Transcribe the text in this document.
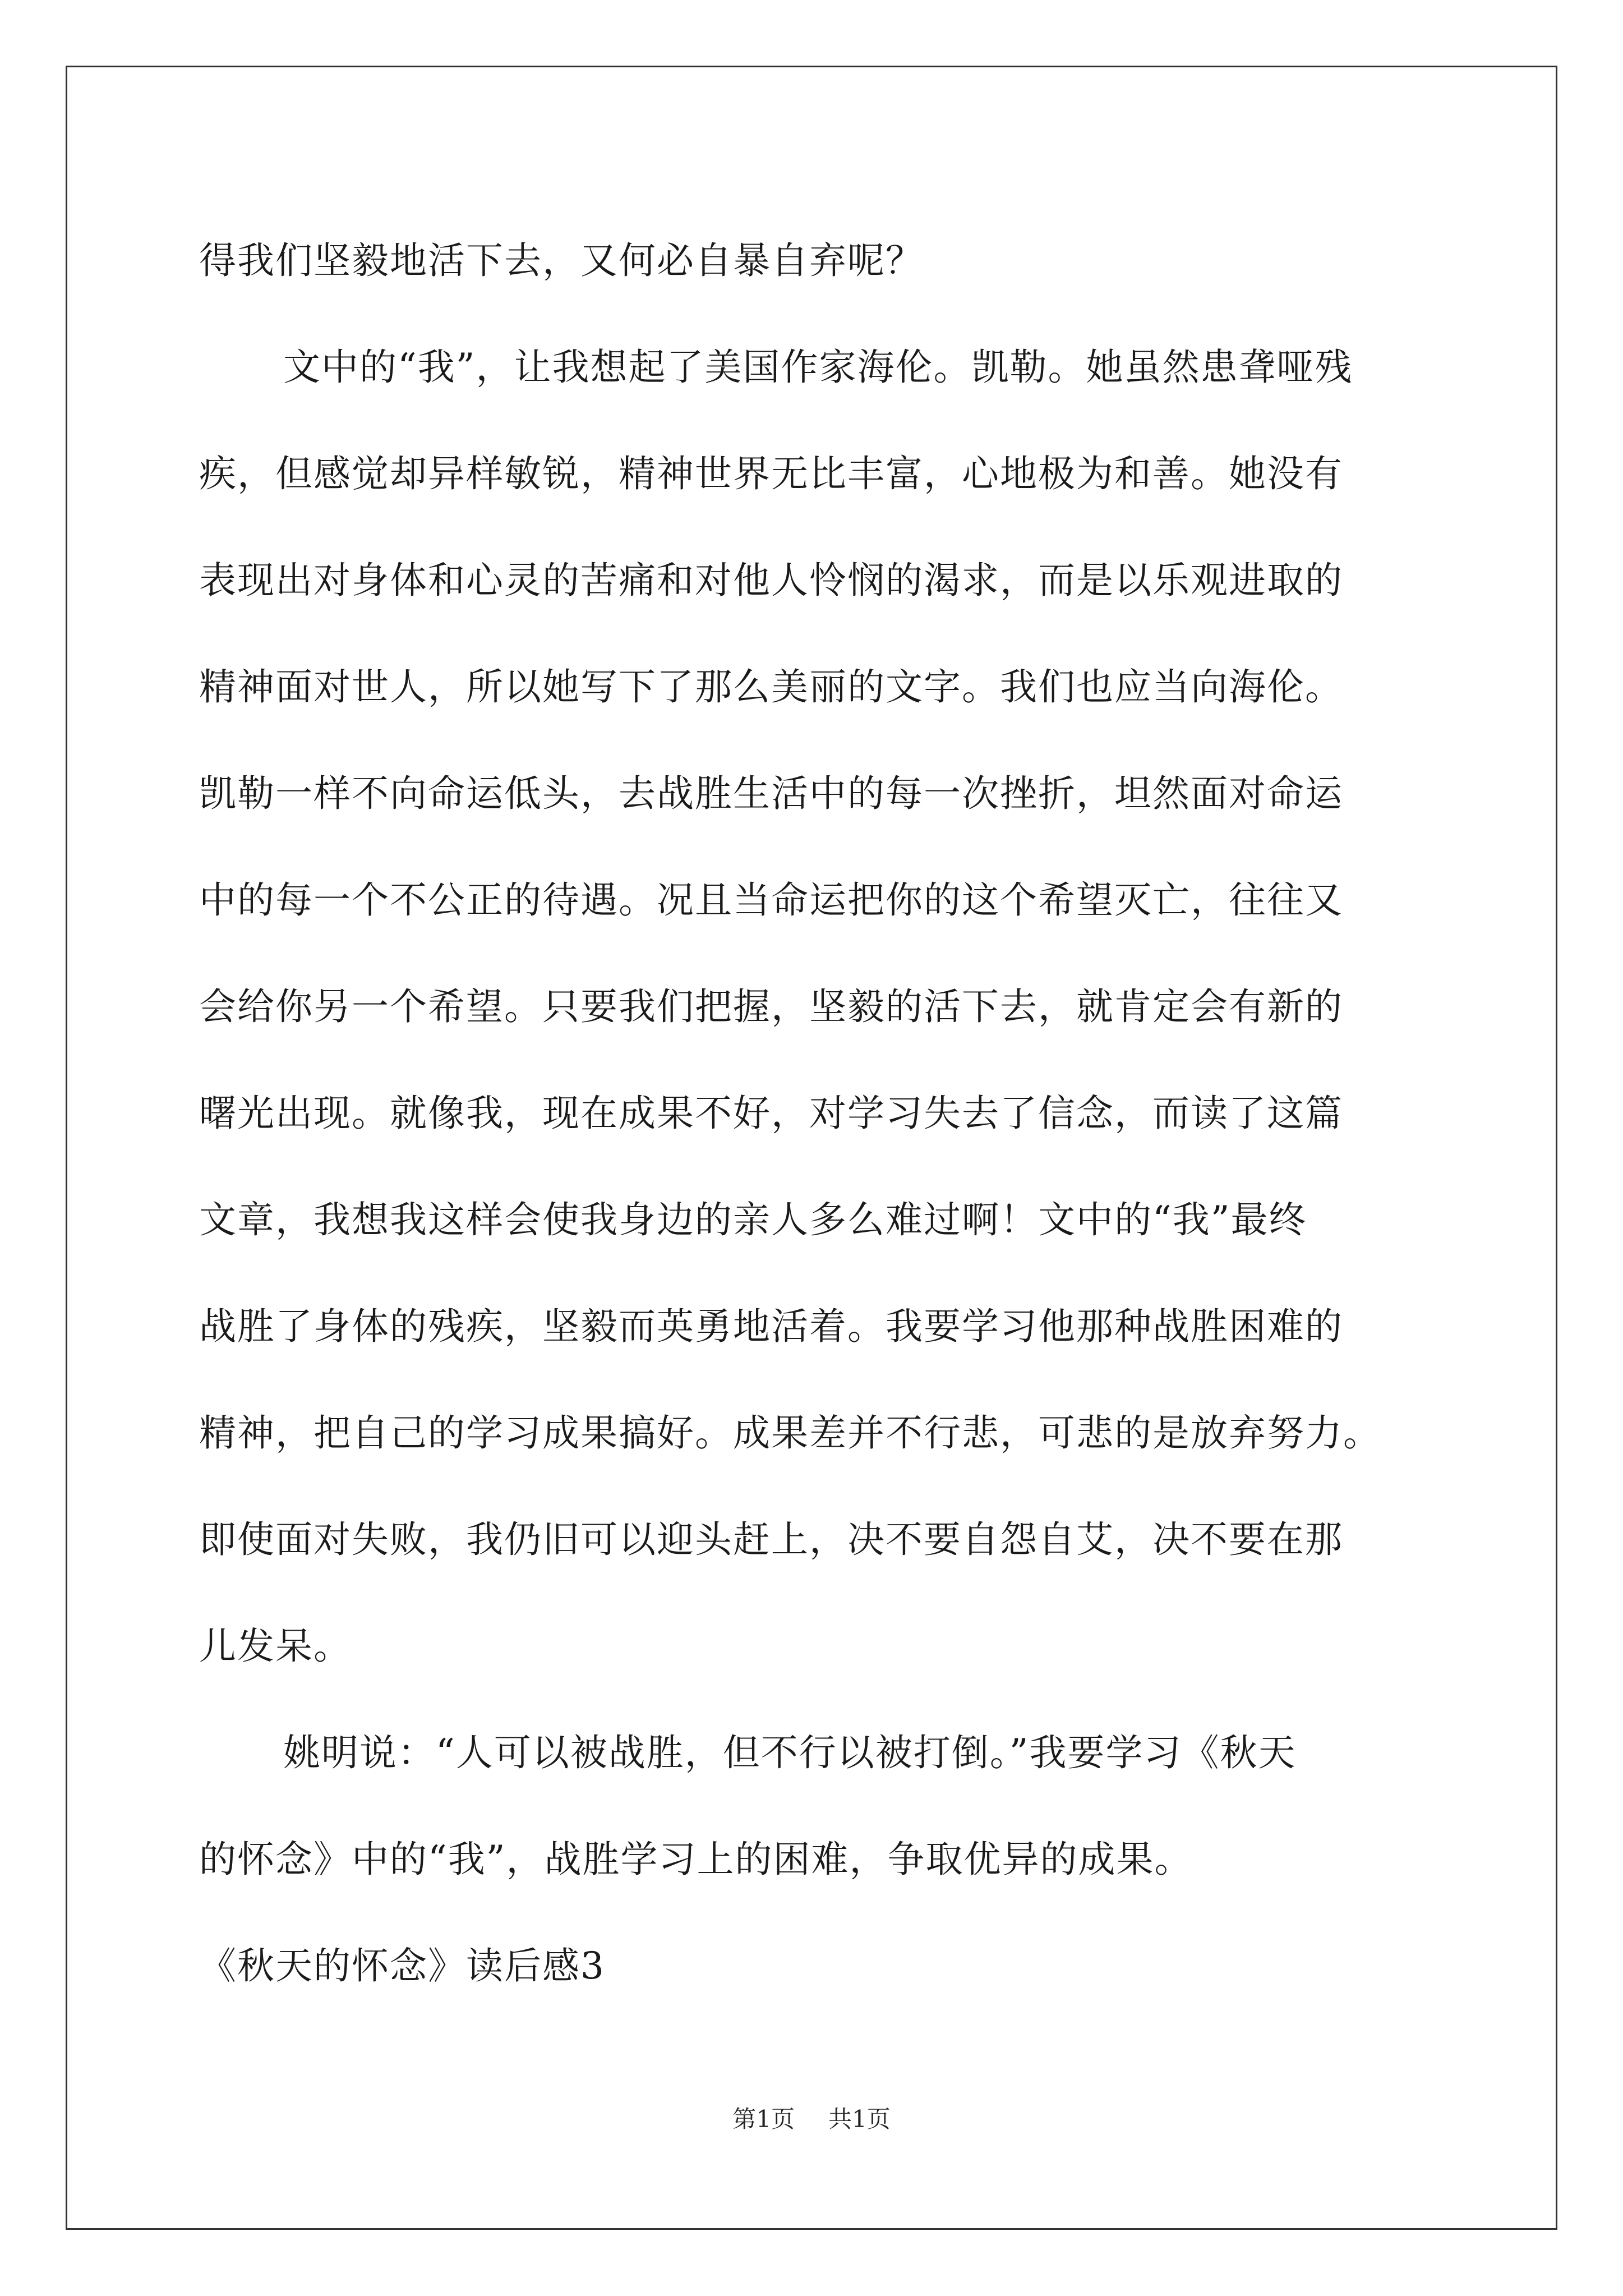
得我们坚毅地活下去，又何必自暴自弃呢？
文中的“我”，让我想起了美国作家海伦。凯勒。她虽然患聋哑残
疾，但感觉却异样敏锐，精神世界无比丰富，心地极为和善。她没有
表现出对身体和心灵的苦痛和对他人怜悯的渴求，而是以乐观进取的
精神面对世人，所以她写下了那么美丽的文字。我们也应当向海伦。
凯勒一样不向命运低头，去战胜生活中的每一次挫折，坦然面对命运
中的每一个不公正的待遇。况且当命运把你的这个希望灭亡，往往又
会给你另一个希望。只要我们把握，坚毅的活下去，就肯定会有新的
曙光出现。就像我，现在成果不好，对学习失去了信念，而读了这篇
文章，我想我这样会使我身边的亲人多么难过啊！文中的“我”最终
战胜了身体的残疾，坚毅而英勇地活着。我要学习他那种战胜困难的
精神，把自己的学习成果搞好。成果差并不行悲，可悲的是放弃努力。
即使面对失败，我仍旧可以迎头赶上，决不要自怨自艾，决不要在那
儿发呆。
姚明说：“人可以被战胜，但不行以被打倒。”我要学习《秋天
的怀念》中的“我”，战胜学习上的困难，争取优异的成果。
《秋天的怀念》读后感3
第1页 共1页
